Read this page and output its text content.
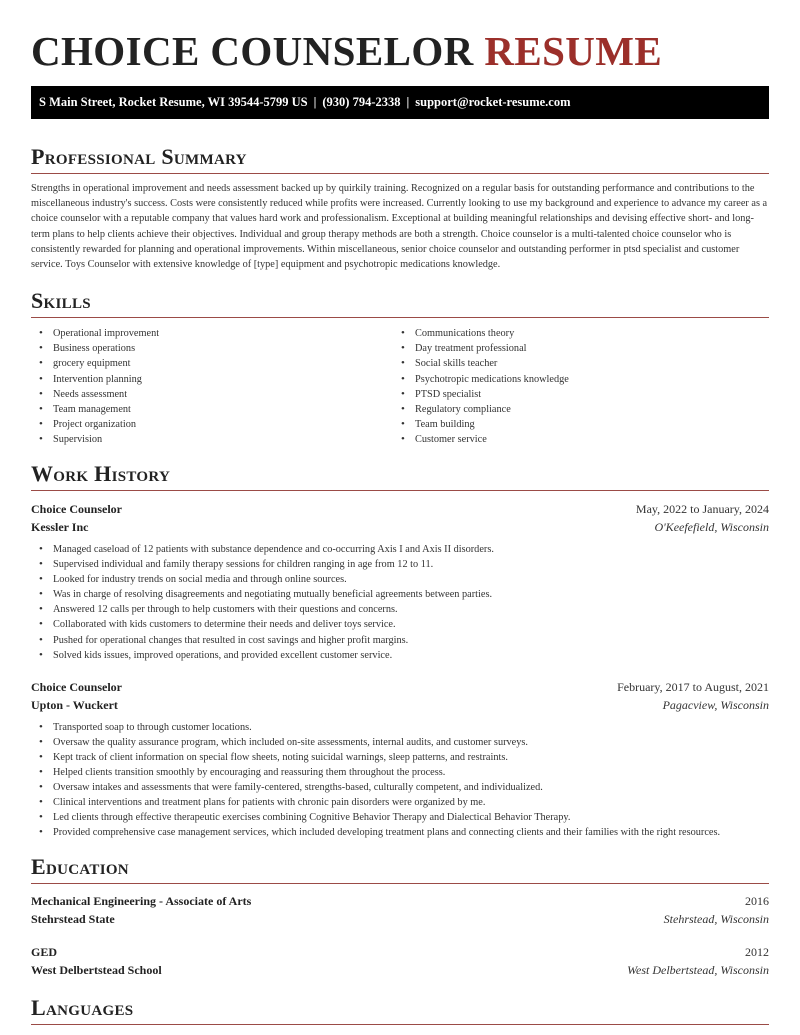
CHOICE COUNSELOR RESUME
S Main Street, Rocket Resume, WI 39544-5799 US | (930) 794-2338 | support@rocket-resume.com
Professional Summary

Strengths in operational improvement and needs assessment backed up by quirkily training. Recognized on a regular basis for outstanding performance and contributions to the miscellaneous industry's success. Costs were consistently reduced while profits were increased. Currently looking to use my background and experience to advance my career as a choice counselor with a reputable company that values hard work and professionalism. Exceptional at building meaningful relationships and devising effective short- and long-term plans to help clients achieve their objectives. Individual and group therapy methods are both a strength. Choice counselor is a multi-talented choice counselor who is consistently rewarded for planning and operational improvements. Within miscellaneous, senior choice counselor and outstanding performer in ptsd specialist and customer service. Toys Counselor with extensive knowledge of [type] equipment and psychotropic medications knowledge.

Skills
• Operational improvement
• Business operations
• grocery equipment
• Intervention planning
• Needs assessment
• Team management
• Project organization
• Supervision
• Communications theory
• Day treatment professional
• Social skills teacher
• Psychotropic medications knowledge
• PTSD specialist
• Regulatory compliance
• Team building
• Customer service
Work History
Choice Counselor	May, 2022 to January, 2024
Kessler Inc	O'Keefefield, Wisconsin
• Managed caseload of 12 patients with substance dependence and co-occurring Axis I and Axis II disorders.
• Supervised individual and family therapy sessions for children ranging in age from 12 to 11.
• Looked for industry trends on social media and through online sources.
• Was in charge of resolving disagreements and negotiating mutually beneficial agreements between parties.
• Answered 12 calls per through to help customers with their questions and concerns.
• Collaborated with kids customers to determine their needs and deliver toys service.
• Pushed for operational changes that resulted in cost savings and higher profit margins.
• Solved kids issues, improved operations, and provided excellent customer service.
Choice Counselor	February, 2017 to August, 2021
Upton - Wuckert	Pagacview, Wisconsin
• Transported soap to through customer locations.
• Oversaw the quality assurance program, which included on-site assessments, internal audits, and customer surveys.
• Kept track of client information on special flow sheets, noting suicidal warnings, sleep patterns, and restraints.
• Helped clients transition smoothly by encouraging and reassuring them throughout the process.
• Oversaw intakes and assessments that were family-centered, strengths-based, culturally competent, and individualized.
• Clinical interventions and treatment plans for patients with chronic pain disorders were organized by me.
• Led clients through effective therapeutic exercises combining Cognitive Behavior Therapy and Dialectical Behavior Therapy.
• Provided comprehensive case management services, which included developing treatment plans and connecting clients and their families with the right resources.
Education
Mechanical Engineering - Associate of Arts	2016
Stehrstead State	Stehrstead, Wisconsin
GED	2012
West Delbertstead School	West Delbertstead, Wisconsin
Languages
